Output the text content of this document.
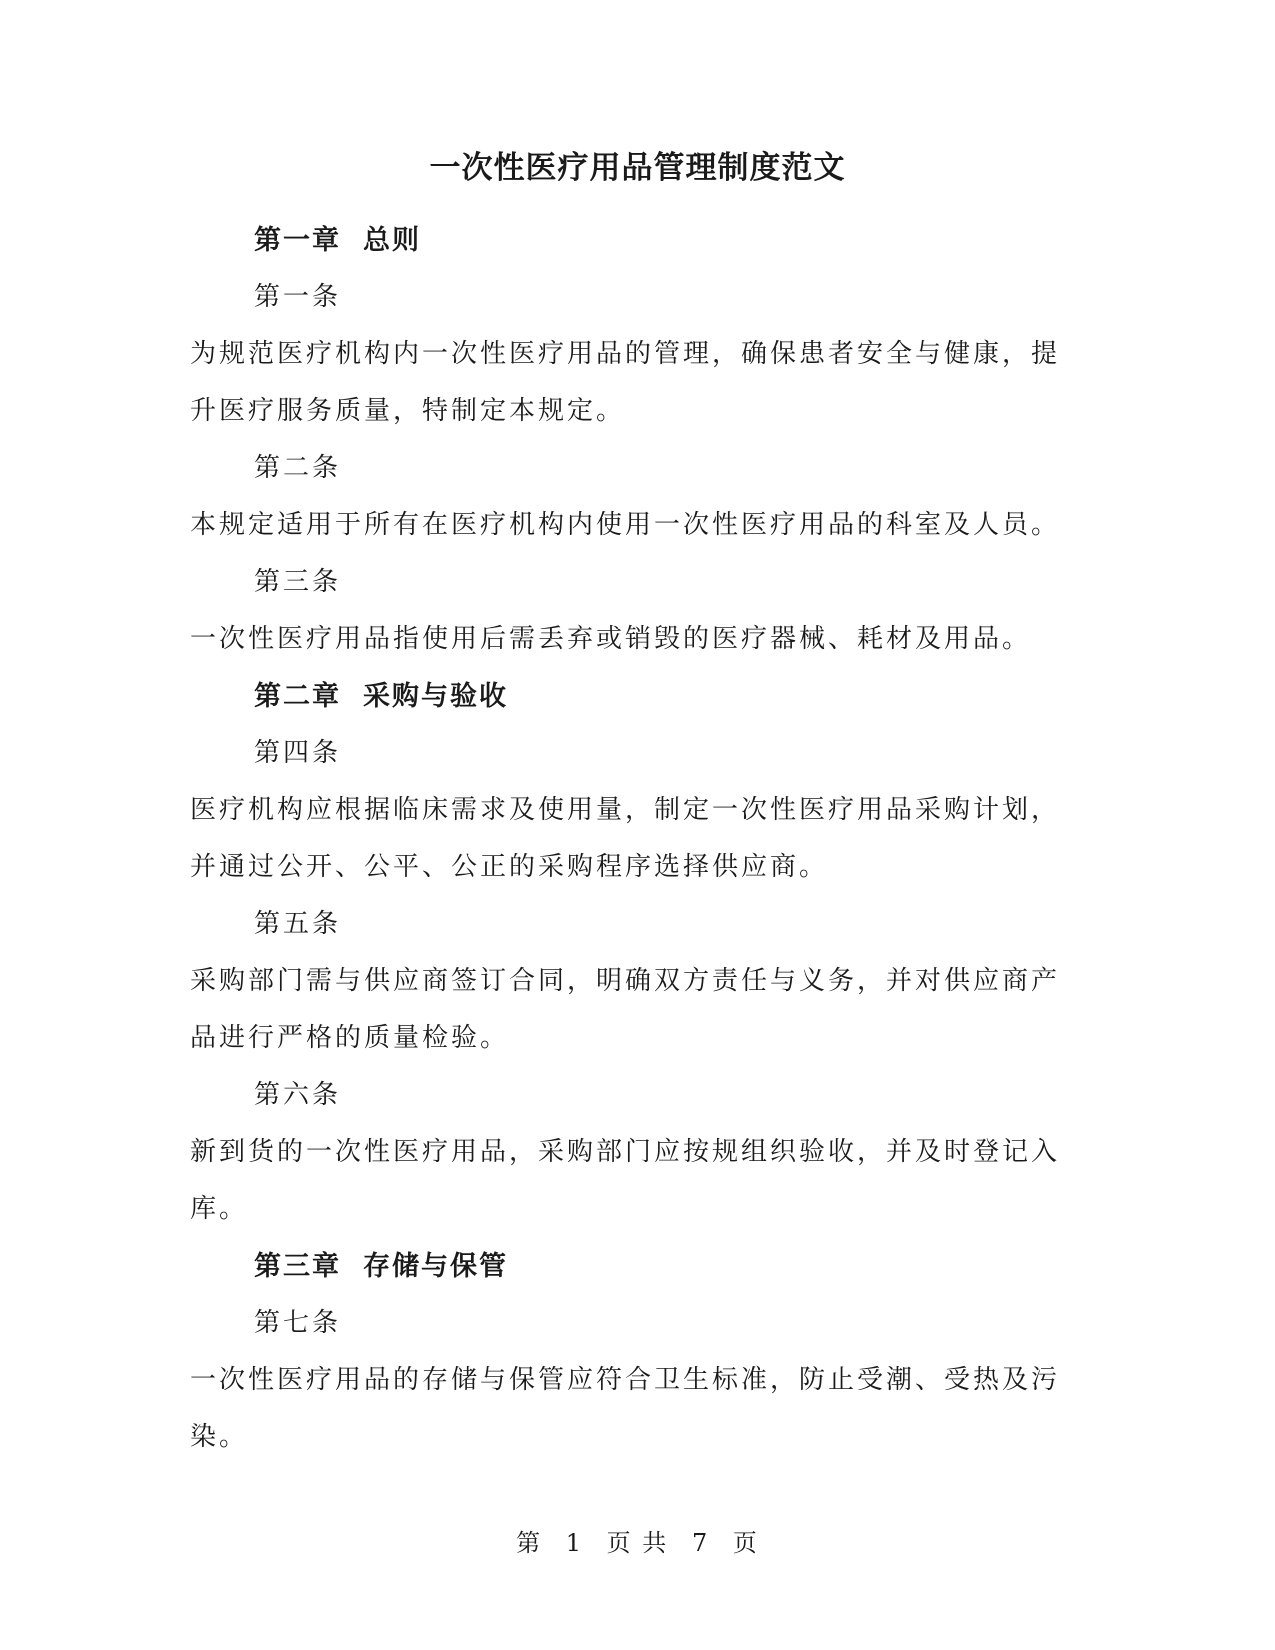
一次性医疗用品管理制度范文
第一章 总则
第一条
为规范医疗机构内一次性医疗用品的管理，确保患者安全与健康，提
升医疗服务质量，特制定本规定。
第二条
本规定适用于所有在医疗机构内使用一次性医疗用品的科室及人员。
第三条
一次性医疗用品指使用后需丢弃或销毁的医疗器械、耗材及用品。
第二章 采购与验收
第四条
医疗机构应根据临床需求及使用量，制定一次性医疗用品采购计划，
并通过公开、公平、公正的采购程序选择供应商。
第五条
采购部门需与供应商签订合同，明确双方责任与义务，并对供应商产
品进行严格的质量检验。
第六条
新到货的一次性医疗用品，采购部门应按规组织验收，并及时登记入
库。
第三章 存储与保管
第七条
一次性医疗用品的存储与保管应符合卫生标准，防止受潮、受热及污
染。
第 1 页 共 7 页
